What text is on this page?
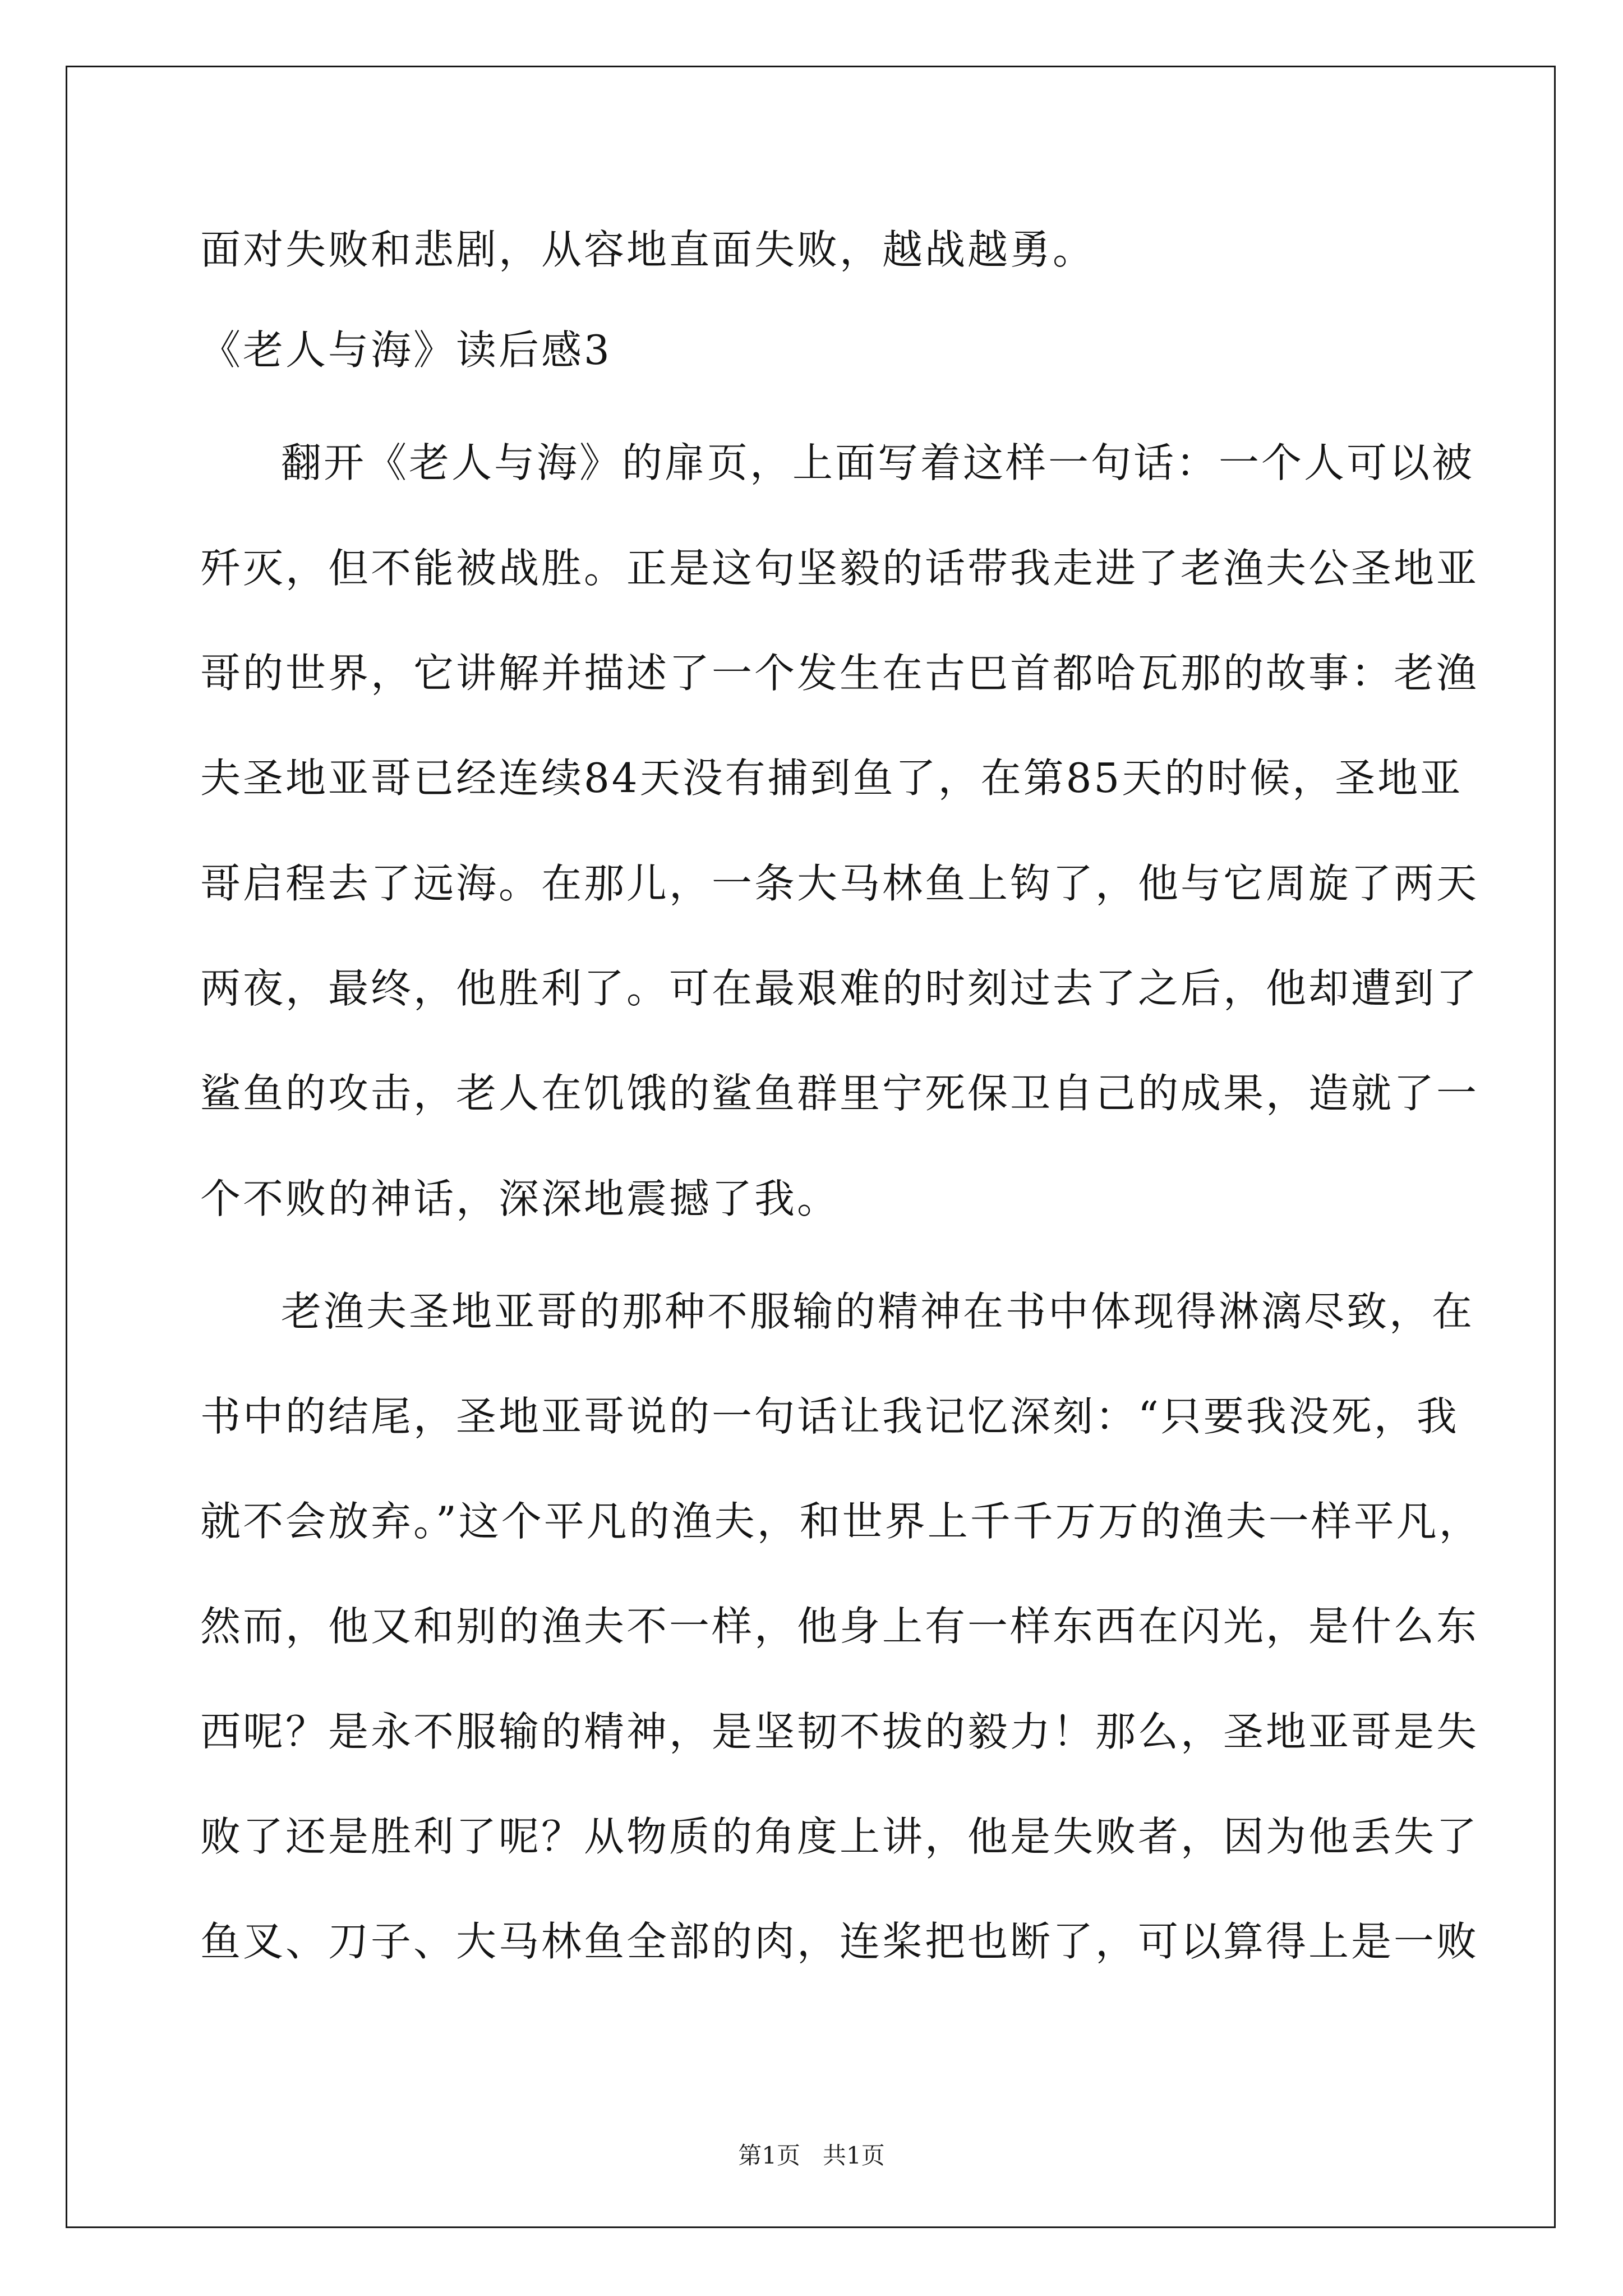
面对失败和悲剧，从容地直面失败，越战越勇。
《老人与海》读后感3
翻开《老人与海》的扉页，上面写着这样一句话：一个人可以被
歼灭，但不能被战胜。正是这句坚毅的话带我走进了老渔夫公圣地亚
哥的世界，它讲解并描述了一个发生在古巴首都哈瓦那的故事：老渔
夫圣地亚哥已经连续84天没有捕到鱼了，在第85天的时候，圣地亚
哥启程去了远海。在那儿，一条大马林鱼上钩了，他与它周旋了两天
两夜，最终，他胜利了。可在最艰难的时刻过去了之后，他却遭到了
鲨鱼的攻击，老人在饥饿的鲨鱼群里宁死保卫自己的成果，造就了一
个不败的神话，深深地震撼了我。
老渔夫圣地亚哥的那种不服输的精神在书中体现得淋漓尽致，在
书中的结尾，圣地亚哥说的一句话让我记忆深刻：“只要我没死，我
就不会放弃。”这个平凡的渔夫，和世界上千千万万的渔夫一样平凡，
然而，他又和别的渔夫不一样，他身上有一样东西在闪光，是什么东
西呢？是永不服输的精神，是坚韧不拔的毅力！那么，圣地亚哥是失
败了还是胜利了呢？从物质的角度上讲，他是失败者，因为他丢失了
鱼叉、刀子、大马林鱼全部的肉，连桨把也断了，可以算得上是一败
第1页   共1页
